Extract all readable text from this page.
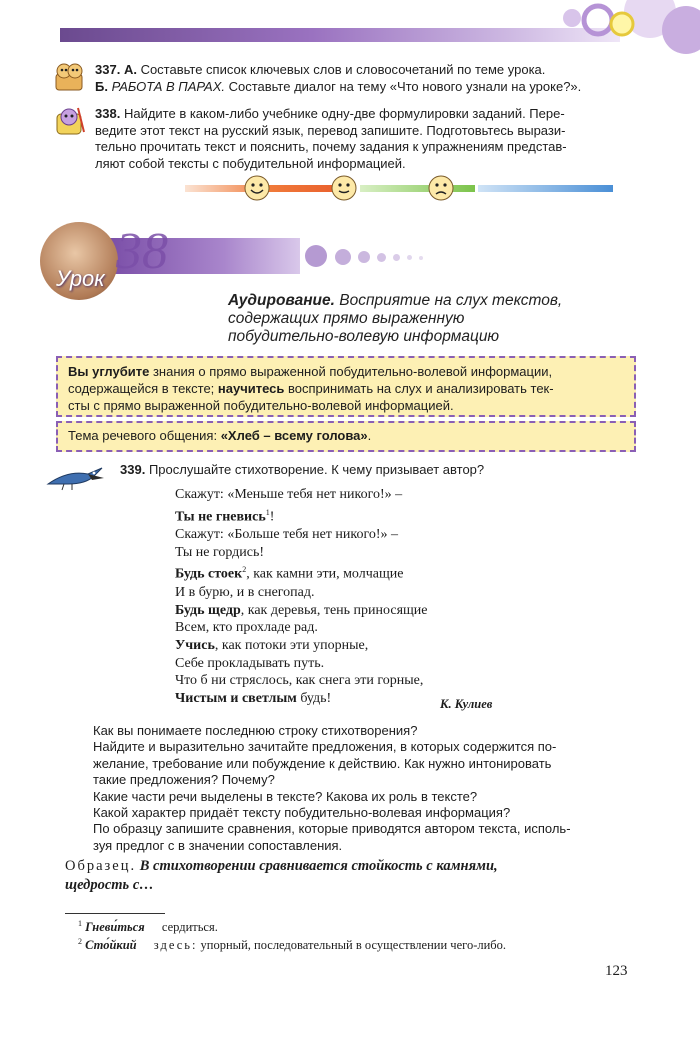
337. А. Составьте список ключевых слов и словосочетаний по теме урока.
Б. РАБОТА В ПАРАХ. Составьте диалог на тему «Что нового узнали на уроке?».
338. Найдите в каком-либо учебнике одну-две формулировки заданий. Пере-
ведите этот текст на русский язык, перевод запишите. Подготовьтесь вырази-
тельно прочитать текст и пояснить, почему задания к упражнениям представ-
ляют собой тексты с побудительной информацией.
Урок 38
Аудирование. Восприятие на слух текстов,
содержащих прямо выраженную
побудительно-волевую информацию
Вы углубите знания о прямо выраженной побудительно-волевой информации,
содержащейся в тексте; научитесь воспринимать на слух и анализировать тек-
сты с прямо выраженной побудительно-волевой информацией.
Тема речевого общения: «Хлеб – всему голова».
339. Прослушайте стихотворение. К чему призывает автор?
Скажут: «Меньше тебя нет никого!» –
Ты не гневись$^1$!
Скажут: «Больше тебя нет никого!» –
Ты не гордись!
Будь стоек$^2$, как камни эти, молчащие
И в бурю, и в снегопад.
Будь щедр, как деревья, тень приносящие
Всем, кто прохладе рад.
Учись, как потоки эти упорные,
Себе прокладывать путь.
Что б ни стряслось, как снега эти горные,
Чистым и светлым будь!	К. Кулиев
Как вы понимаете последнюю строку стихотворения?
Найдите и выразительно зачитайте предложения, в которых содержится по-
желание, требование или побуждение к действию. Как нужно интонировать
такие предложения? Почему?
Какие части речи выделены в тексте? Какова их роль в тексте?
Какой характер придаёт тексту побудительно-волевая информация?
По образцу запишите сравнения, которые приводятся автором текста, исполь-
зуя предлог с в значении сопоставления.
Образец. В стихотворении сравнивается стойкость с камнями,
щедрость с…
$^1$ Гневи́ться сердиться.
$^2$ Сто́йкий здесь: упорный, последовательный в осуществлении чего-либо.
123
